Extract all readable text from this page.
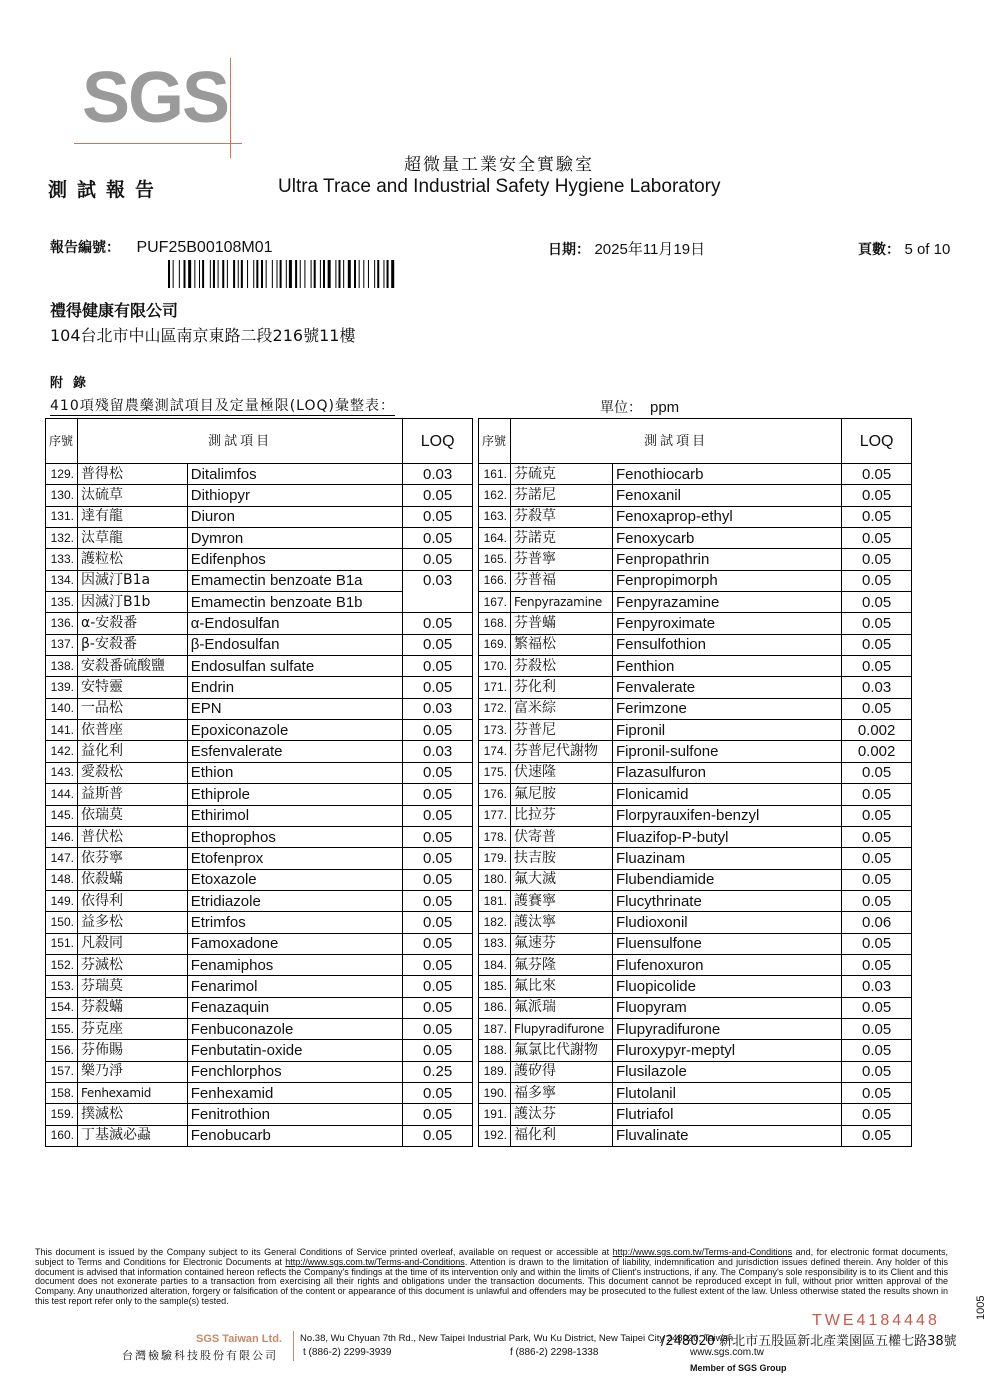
SGS
測試報告
超微量工業安全實驗室
Ultra Trace and Industrial Safety Hygiene Laboratory
報告編號： PUF25B00108M01	日期： 2025年11月19日	頁數： 5 of 10
禮得健康有限公司
104台北市中山區南京東路二段216號11樓
附錄
410項殘留農藥測試項目及定量極限(LOQ)彙整表：	單位： ppm
序號	測試項目		LOQ
129.	普得松	Ditalimfos	0.03
130.	汰硫草	Dithiopyr	0.05
131.	達有龍	Diuron	0.05
132.	汰草龍	Dymron	0.05
133.	護粒松	Edifenphos	0.05
134.	因滅汀B1a	Emamectin benzoate B1a	0.03
135.	因滅汀B1b	Emamectin benzoate B1b	
136.	α-安殺番	α-Endosulfan	0.05
137.	β-安殺番	β-Endosulfan	0.05
138.	安殺番硫酸鹽	Endosulfan sulfate	0.05
139.	安特靈	Endrin	0.05
140.	一品松	EPN	0.03
141.	依普座	Epoxiconazole	0.05
142.	益化利	Esfenvalerate	0.03
143.	愛殺松	Ethion	0.05
144.	益斯普	Ethiprole	0.05
145.	依瑞莫	Ethirimol	0.05
146.	普伏松	Ethoprophos	0.05
147.	依芬寧	Etofenprox	0.05
148.	依殺蟎	Etoxazole	0.05
149.	依得利	Etridiazole	0.05
150.	益多松	Etrimfos	0.05
151.	凡殺同	Famoxadone	0.05
152.	芬滅松	Fenamiphos	0.05
153.	芬瑞莫	Fenarimol	0.05
154.	芬殺蟎	Fenazaquin	0.05
155.	芬克座	Fenbuconazole	0.05
156.	芬佈賜	Fenbutatin-oxide	0.05
157.	樂乃淨	Fenchlorphos	0.25
158.	Fenhexamid	Fenhexamid	0.05
159.	撲滅松	Fenitrothion	0.05
160.	丁基滅必蝨	Fenobucarb	0.05
序號	測試項目		LOQ
161.	芬硫克	Fenothiocarb	0.05
162.	芬諾尼	Fenoxanil	0.05
163.	芬殺草	Fenoxaprop-ethyl	0.05
164.	芬諾克	Fenoxycarb	0.05
165.	芬普寧	Fenpropathrin	0.05
166.	芬普福	Fenpropimorph	0.05
167.	Fenpyrazamine	Fenpyrazamine	0.05
168.	芬普蟎	Fenpyroximate	0.05
169.	繁福松	Fensulfothion	0.05
170.	芬殺松	Fenthion	0.05
171.	芬化利	Fenvalerate	0.03
172.	富米綜	Ferimzone	0.05
173.	芬普尼	Fipronil	0.002
174.	芬普尼代謝物	Fipronil-sulfone	0.002
175.	伏速隆	Flazasulfuron	0.05
176.	氟尼胺	Flonicamid	0.05
177.	比拉芬	Florpyrauxifen-benzyl	0.05
178.	伏寄普	Fluazifop-P-butyl	0.05
179.	扶吉胺	Fluazinam	0.05
180.	氟大滅	Flubendiamide	0.05
181.	護賽寧	Flucythrinate	0.05
182.	護汰寧	Fludioxonil	0.06
183.	氟速芬	Fluensulfone	0.05
184.	氟芬隆	Flufenoxuron	0.05
185.	氟比來	Fluopicolide	0.03
186.	氟派瑞	Fluopyram	0.05
187.	Flupyradifurone	Flupyradifurone	0.05
188.	氟氯比代謝物	Fluroxypyr-meptyl	0.05
189.	護矽得	Flusilazole	0.05
190.	福多寧	Flutolanil	0.05
191.	護汰芬	Flutriafol	0.05
192.	福化利	Fluvalinate	0.05
This document is issued by the Company subject to its General Conditions of Service printed overleaf, available on request or accessible at http://www.sgs.com.tw/Terms-and-Conditions and, for electronic format documents, subject to Terms and Conditions for Electronic Documents at http://www.sgs.com.tw/Terms-and-Conditions. Attention is drawn to the limitation of liability, indemnification and jurisdiction issues defined therein. Any holder of this document is advised that information contained hereon reflects the Company's findings at the time of its intervention only and within the limits of Client's instructions, if any. The Company's sole responsibility is to its Client and this document does not exonerate parties to a transaction from exercising all their rights and obligations under the transaction documents. This document cannot be reproduced except in full, without prior written approval of the Company. Any unauthorized alteration, forgery or falsification of the content or appearance of this document is unlawful and offenders may be prosecuted to the fullest extent of the law. Unless otherwise stated the results shown in this test report refer only to the sample(s) tested.
TWE4184448
SGS Taiwan Ltd.
台灣檢驗科技股份有限公司
No.38, Wu Chyuan 7th Rd., New Taipei Industrial Park, Wu Ku District, New Taipei City 248020, Taiwan
/248020 新北市五股區新北產業園區五權七路38號
t (886-2) 2299-3939	f (886-2) 2298-1338	www.sgs.com.tw
Member of SGS Group
1005
